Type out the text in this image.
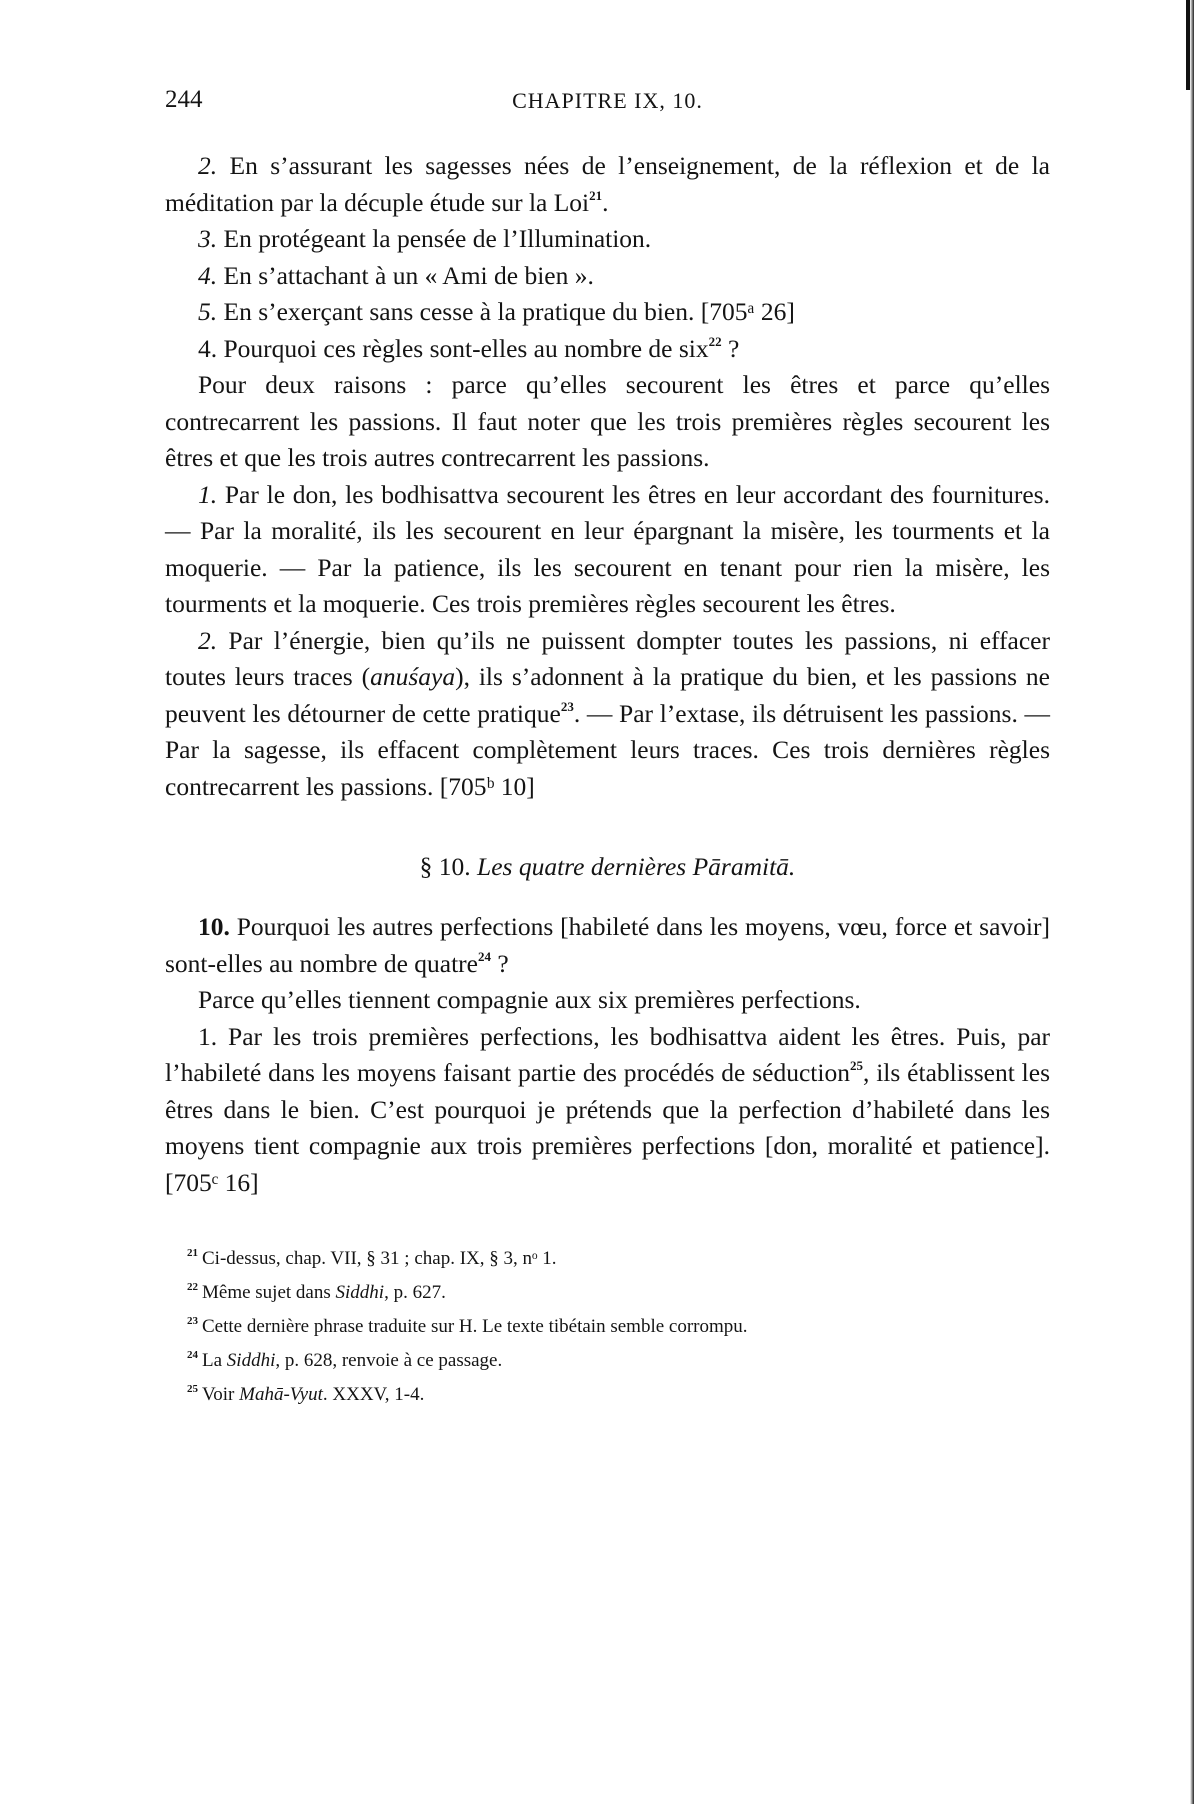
244	CHAPITRE IX, 10.

2. En s’assurant les sagesses nées de l’enseignement, de la réflexion et de la méditation par la décuple étude sur la Loi$^{21}$.

3. En protégeant la pensée de l’Illumination.

4. En s’attachant à un « Ami de bien ».

5. En s’exerçant sans cesse à la pratique du bien. [705ᵃ 26]

4. Pourquoi ces règles sont-elles au nombre de six$^{22}$ ?

Pour deux raisons : parce qu’elles secourent les êtres et parce qu’elles contrecarrent les passions. Il faut noter que les trois premières règles secourent les êtres et que les trois autres contrecarrent les passions.

1. Par le don, les bodhisattva secourent les êtres en leur accordant des fournitures. — Par la moralité, ils les secourent en leur épargnant la misère, les tourments et la moquerie. — Par la patience, ils les secourent en tenant pour rien la misère, les tourments et la moquerie. Ces trois premières règles secourent les êtres.

2. Par l’énergie, bien qu’ils ne puissent dompter toutes les passions, ni effacer toutes leurs traces (anuśaya), ils s’adonnent à la pratique du bien, et les passions ne peuvent les détourner de cette pratique$^{23}$. — Par l’extase, ils détruisent les passions. — Par la sagesse, ils effacent complètement leurs traces. Ces trois dernières règles contrecarrent les passions. [705ᵇ 10]

§ 10. Les quatre dernières Pāramitā.

10. Pourquoi les autres perfections [habileté dans les moyens, vœu, force et savoir] sont-elles au nombre de quatre$^{24}$ ?

Parce qu’elles tiennent compagnie aux six premières perfections.

1. Par les trois premières perfections, les bodhisattva aident les êtres. Puis, par l’habileté dans les moyens faisant partie des procédés de séduction$^{25}$, ils établissent les êtres dans le bien. C’est pourquoi je prétends que la perfection d’habileté dans les moyens tient compagnie aux trois premières perfections [don, moralité et patience]. [705ᶜ 16]

$^{21}$ Ci-dessus, chap. VII, § 31 ; chap. IX, § 3, nᵒ 1.

$^{22}$ Même sujet dans Siddhi, p. 627.

$^{23}$ Cette dernière phrase traduite sur H. Le texte tibétain semble corrompu.

$^{24}$ La Siddhi, p. 628, renvoie à ce passage.

$^{25}$ Voir Mahā-Vyut. XXXV, 1-4.
